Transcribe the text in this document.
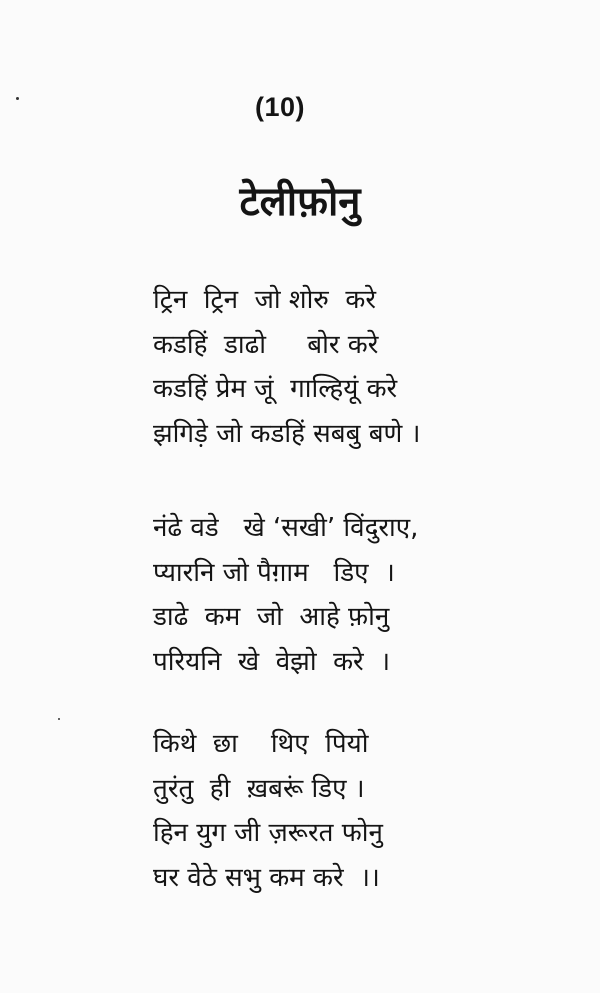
(10)
टेलीफ़ोनु
ट्रिन  ट्रिन  जो शोरु  करे
कडहिं  डाढो     बोर करे
कडहिं प्रेम जूं  गाल्हियूं करे
झगिड़े जो कडहिं सबबु बणे ।
नंढे वडे   खे ‘सखी’ विंदुराए,
प्यारनि जो पैग़ाम   डिए  ।
डाढे  कम  जो  आहे फ़ोनु
परियनि  खे  वेझो  करे  ।
किथे  छा    थिए  पियो
तुरंतु  ही  ख़बरूं डिए ।
हिन युग जी ज़रूरत फोनु
घर वेठे सभु कम करे  ।।
